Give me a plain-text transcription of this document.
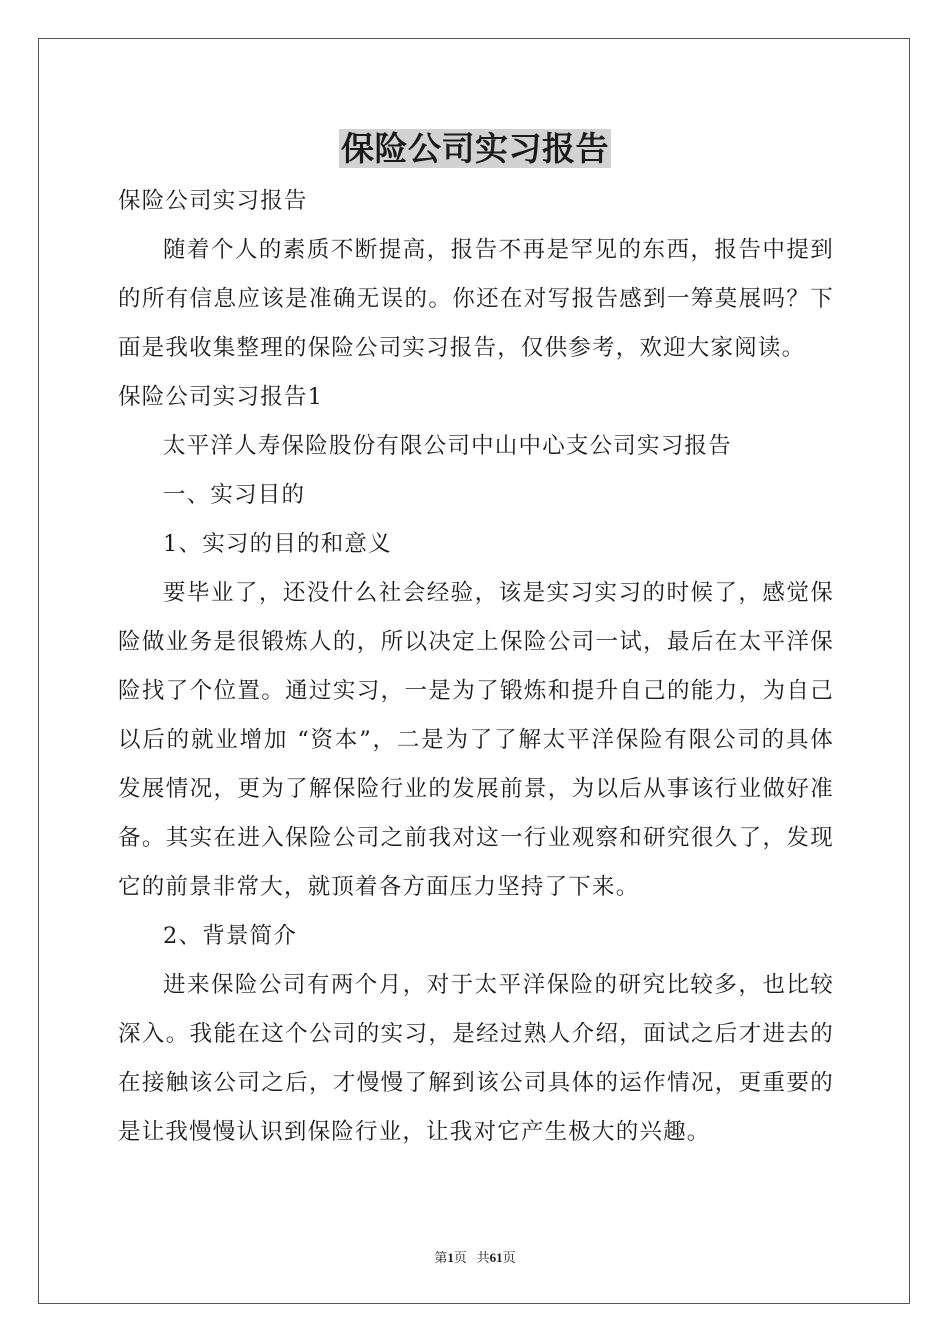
保险公司实习报告

保险公司实习报告

随着个人的素质不断提高，报告不再是罕见的东西，报告中提到的所有信息应该是准确无误的。你还在对写报告感到一筹莫展吗？下面是我收集整理的保险公司实习报告，仅供参考，欢迎大家阅读。

保险公司实习报告1

太平洋人寿保险股份有限公司中山中心支公司实习报告

一、实习目的

1、实习的目的和意义

要毕业了，还没什么社会经验，该是实习实习的时候了，感觉保险做业务是很锻炼人的，所以决定上保险公司一试，最后在太平洋保险找了个位置。通过实习，一是为了锻炼和提升自己的能力，为自己以后的就业增加 “资本”，二是为了了解太平洋保险有限公司的具体发展情况，更为了解保险行业的发展前景，为以后从事该行业做好准备。其实在进入保险公司之前我对这一行业观察和研究很久了，发现它的前景非常大，就顶着各方面压力坚持了下来。

2、背景简介

进来保险公司有两个月，对于太平洋保险的研究比较多，也比较深入。我能在这个公司的实习，是经过熟人介绍，面试之后才进去的在接触该公司之后，才慢慢了解到该公司具体的运作情况，更重要的是让我慢慢认识到保险行业，让我对它产生极大的兴趣。

第1页 共61页
